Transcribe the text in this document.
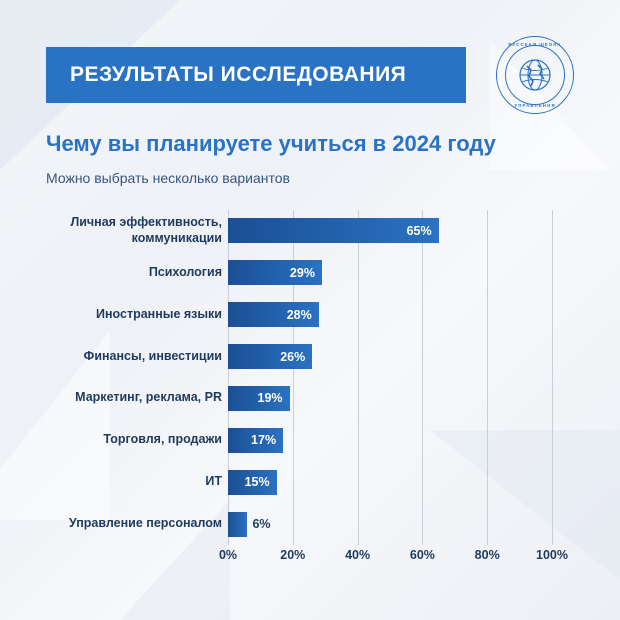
РЕЗУЛЬТАТЫ ИССЛЕДОВАНИЯ
РУССКАЯ ШКОЛА
УПРАВЛЕНИЯ
Чему вы планируете учиться в 2024 году
Можно выбрать несколько вариантов
65%
29%
28%
26%
19%
17%
15%
6%
Личная эффективность,
коммуникации
Психология
Иностранные языки
Финансы, инвестиции
Маркетинг, реклама, PR
Торговля, продажи
ИТ
Управление персоналом
0%	20%	40%	60%	80%	100%
